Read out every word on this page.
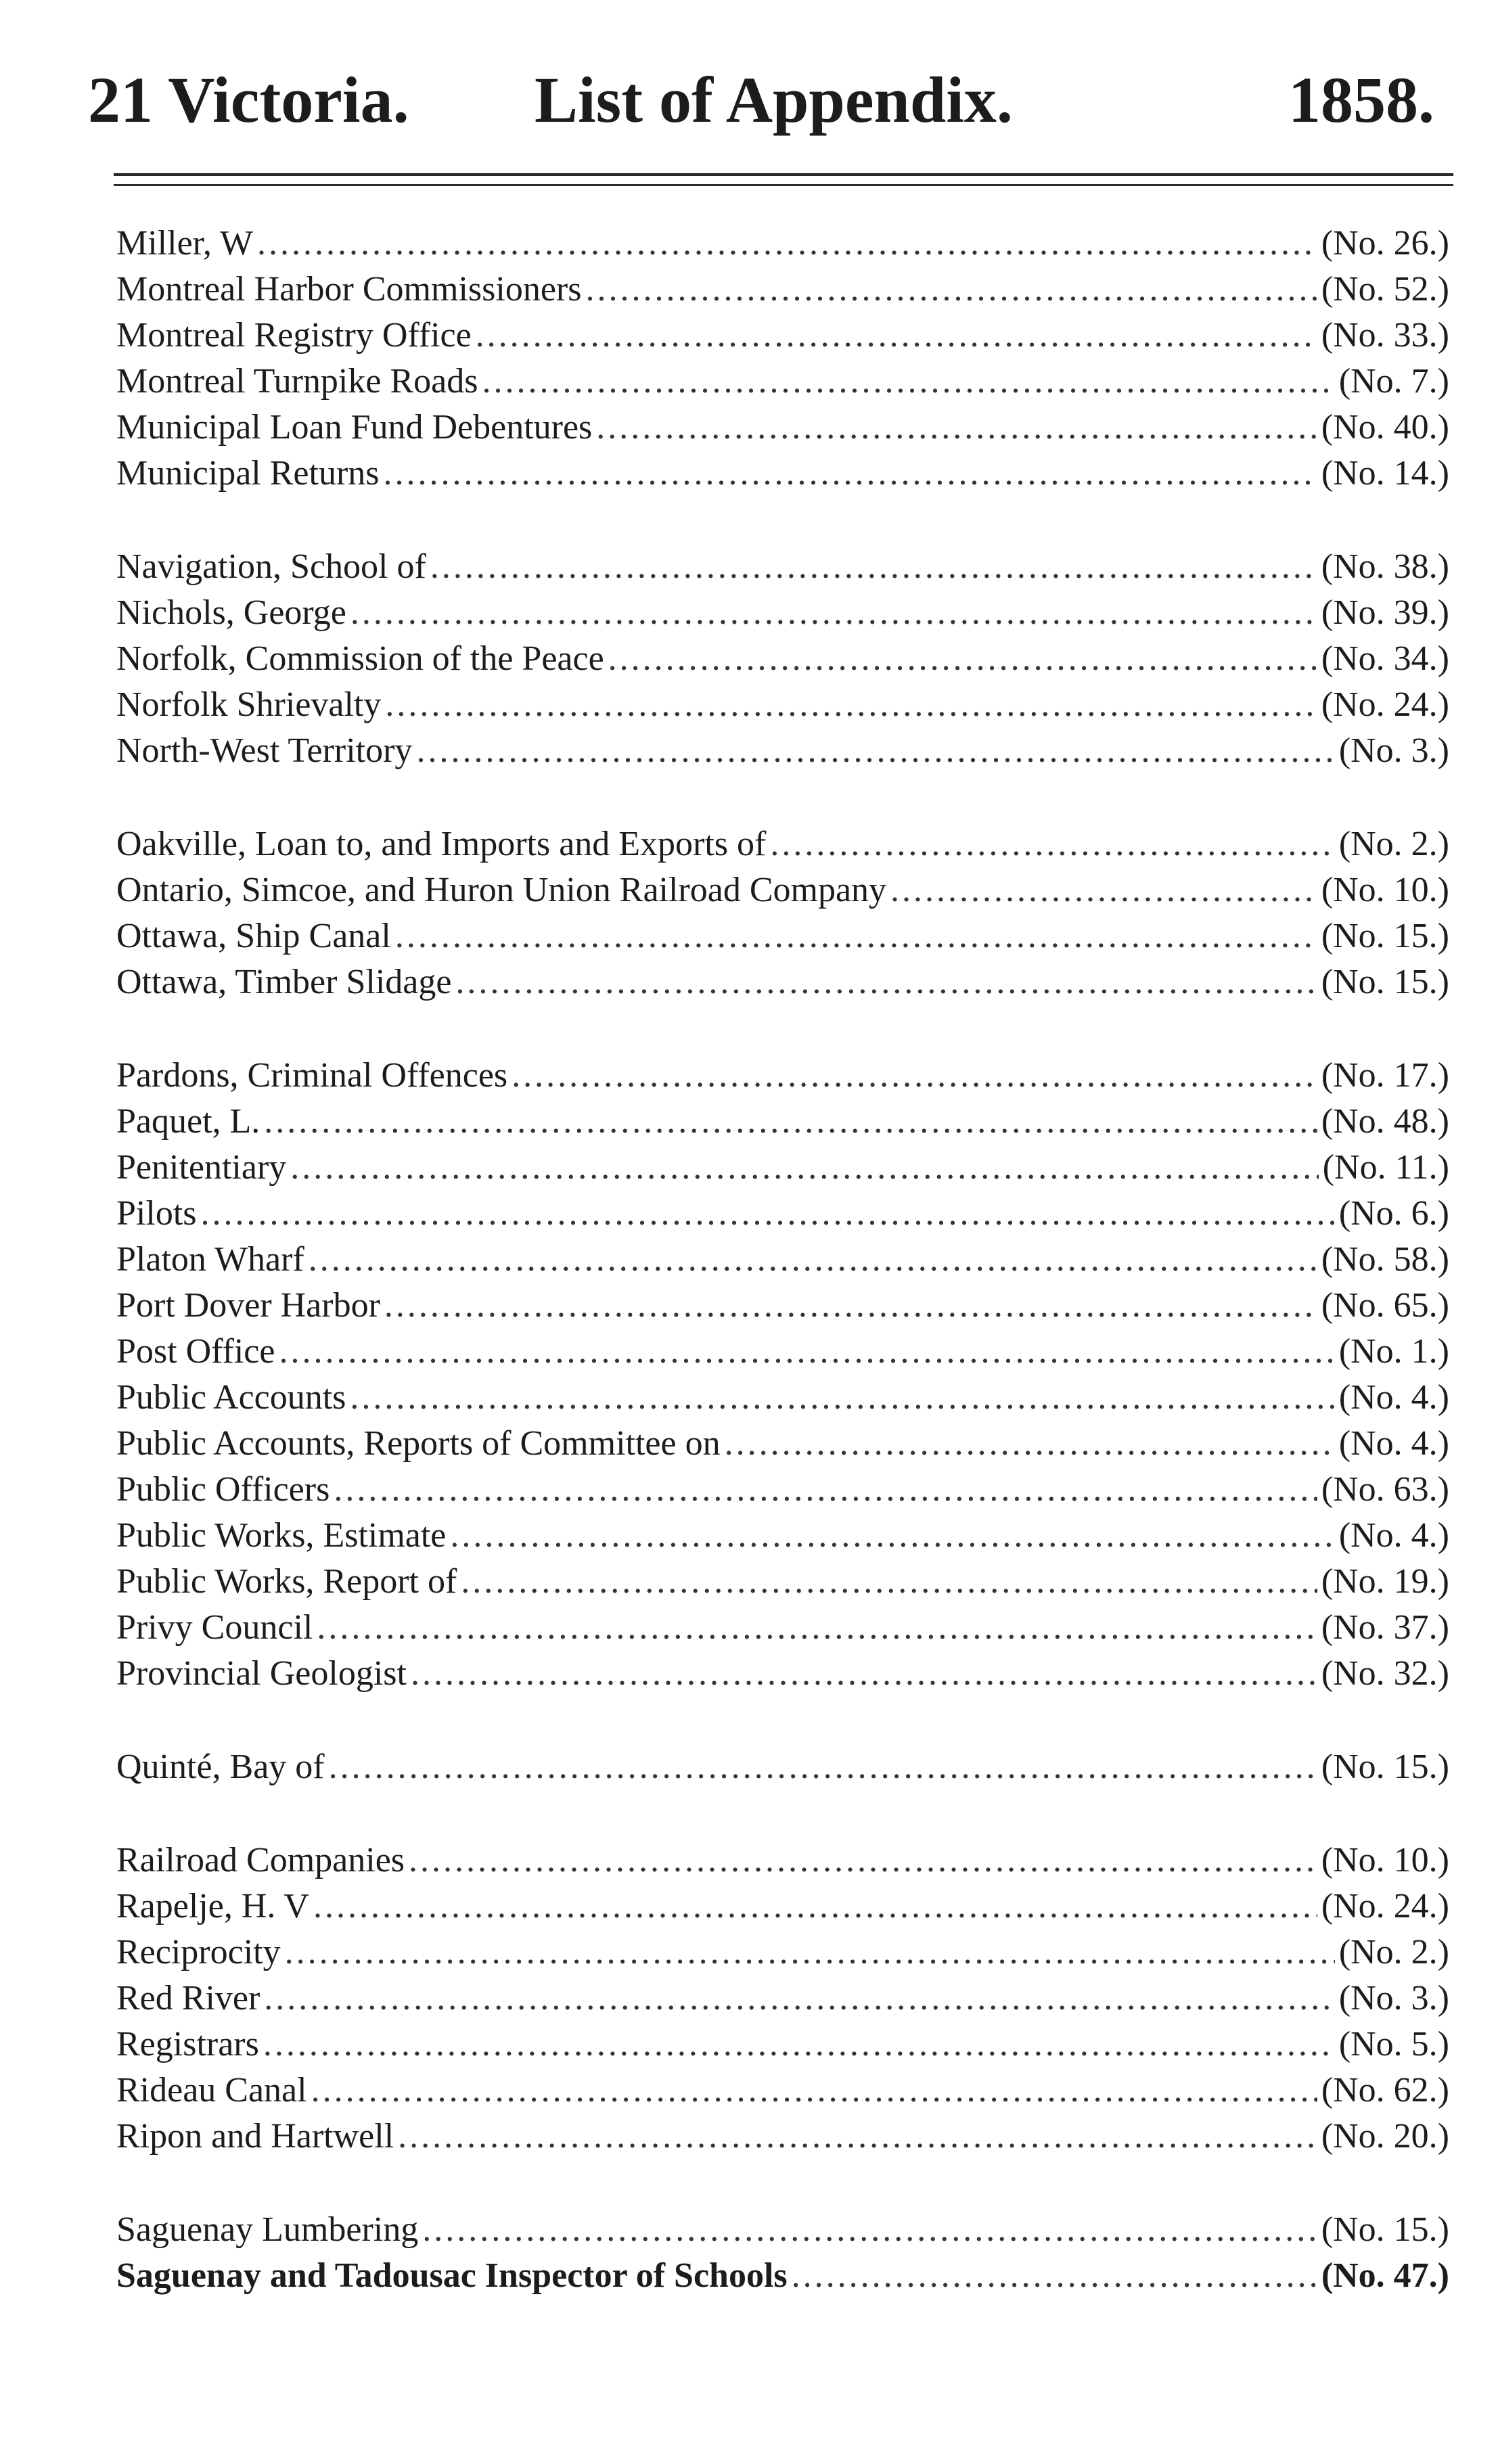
21 Victoria. List of Appendix.	1858.
Miller, W .....	(No. 26.)
Montreal Harbor Commissioners .....	(No. 52.)
Montreal Registry Office .....	(No. 33.)
Montreal Turnpike Roads .....	(No. 7.)
Municipal Loan Fund Debentures .....	(No. 40.)
Municipal Returns .....	(No. 14.)
Navigation, School of .....	(No. 38.)
Nichols, George .....	(No. 39.)
Norfolk, Commission of the Peace .....	(No. 34.)
Norfolk Shrievalty .....	(No. 24.)
North-West Territory .....	(No. 3.)
Oakville, Loan to, and Imports and Exports of .....	(No. 2.)
Ontario, Simcoe, and Huron Union Railroad Company .....	(No. 10.)
Ottawa, Ship Canal .....	(No. 15.)
Ottawa, Timber Slidage .....	(No. 15.)
Pardons, Criminal Offences .....	(No. 17.)
Paquet, L. .....	(No. 48.)
Penitentiary .....	(No. 11.)
Pilots .....	(No. 6.)
Platon Wharf .....	(No. 58.)
Port Dover Harbor .....	(No. 65.)
Post Office .....	(No. 1.)
Public Accounts .....	(No. 4.)
Public Accounts, Reports of Committee on .....	(No. 4.)
Public Officers .....	(No. 63.)
Public Works, Estimate .....	(No. 4.)
Public Works, Report of .....	(No. 19.)
Privy Council .....	(No. 37.)
Provincial Geologist .....	(No. 32.)
Quinté, Bay of .....	(No. 15.)
Railroad Companies .....	(No. 10.)
Rapelje, H. V .....	(No. 24.)
Reciprocity .....	(No. 2.)
Red River .....	(No. 3.)
Registrars .....	(No. 5.)
Rideau Canal .....	(No. 62.)
Ripon and Hartwell .....	(No. 20.)
Saguenay Lumbering .....	(No. 15.)
Saguenay and Tadousac Inspector of Schools .....	(No. 47.)
